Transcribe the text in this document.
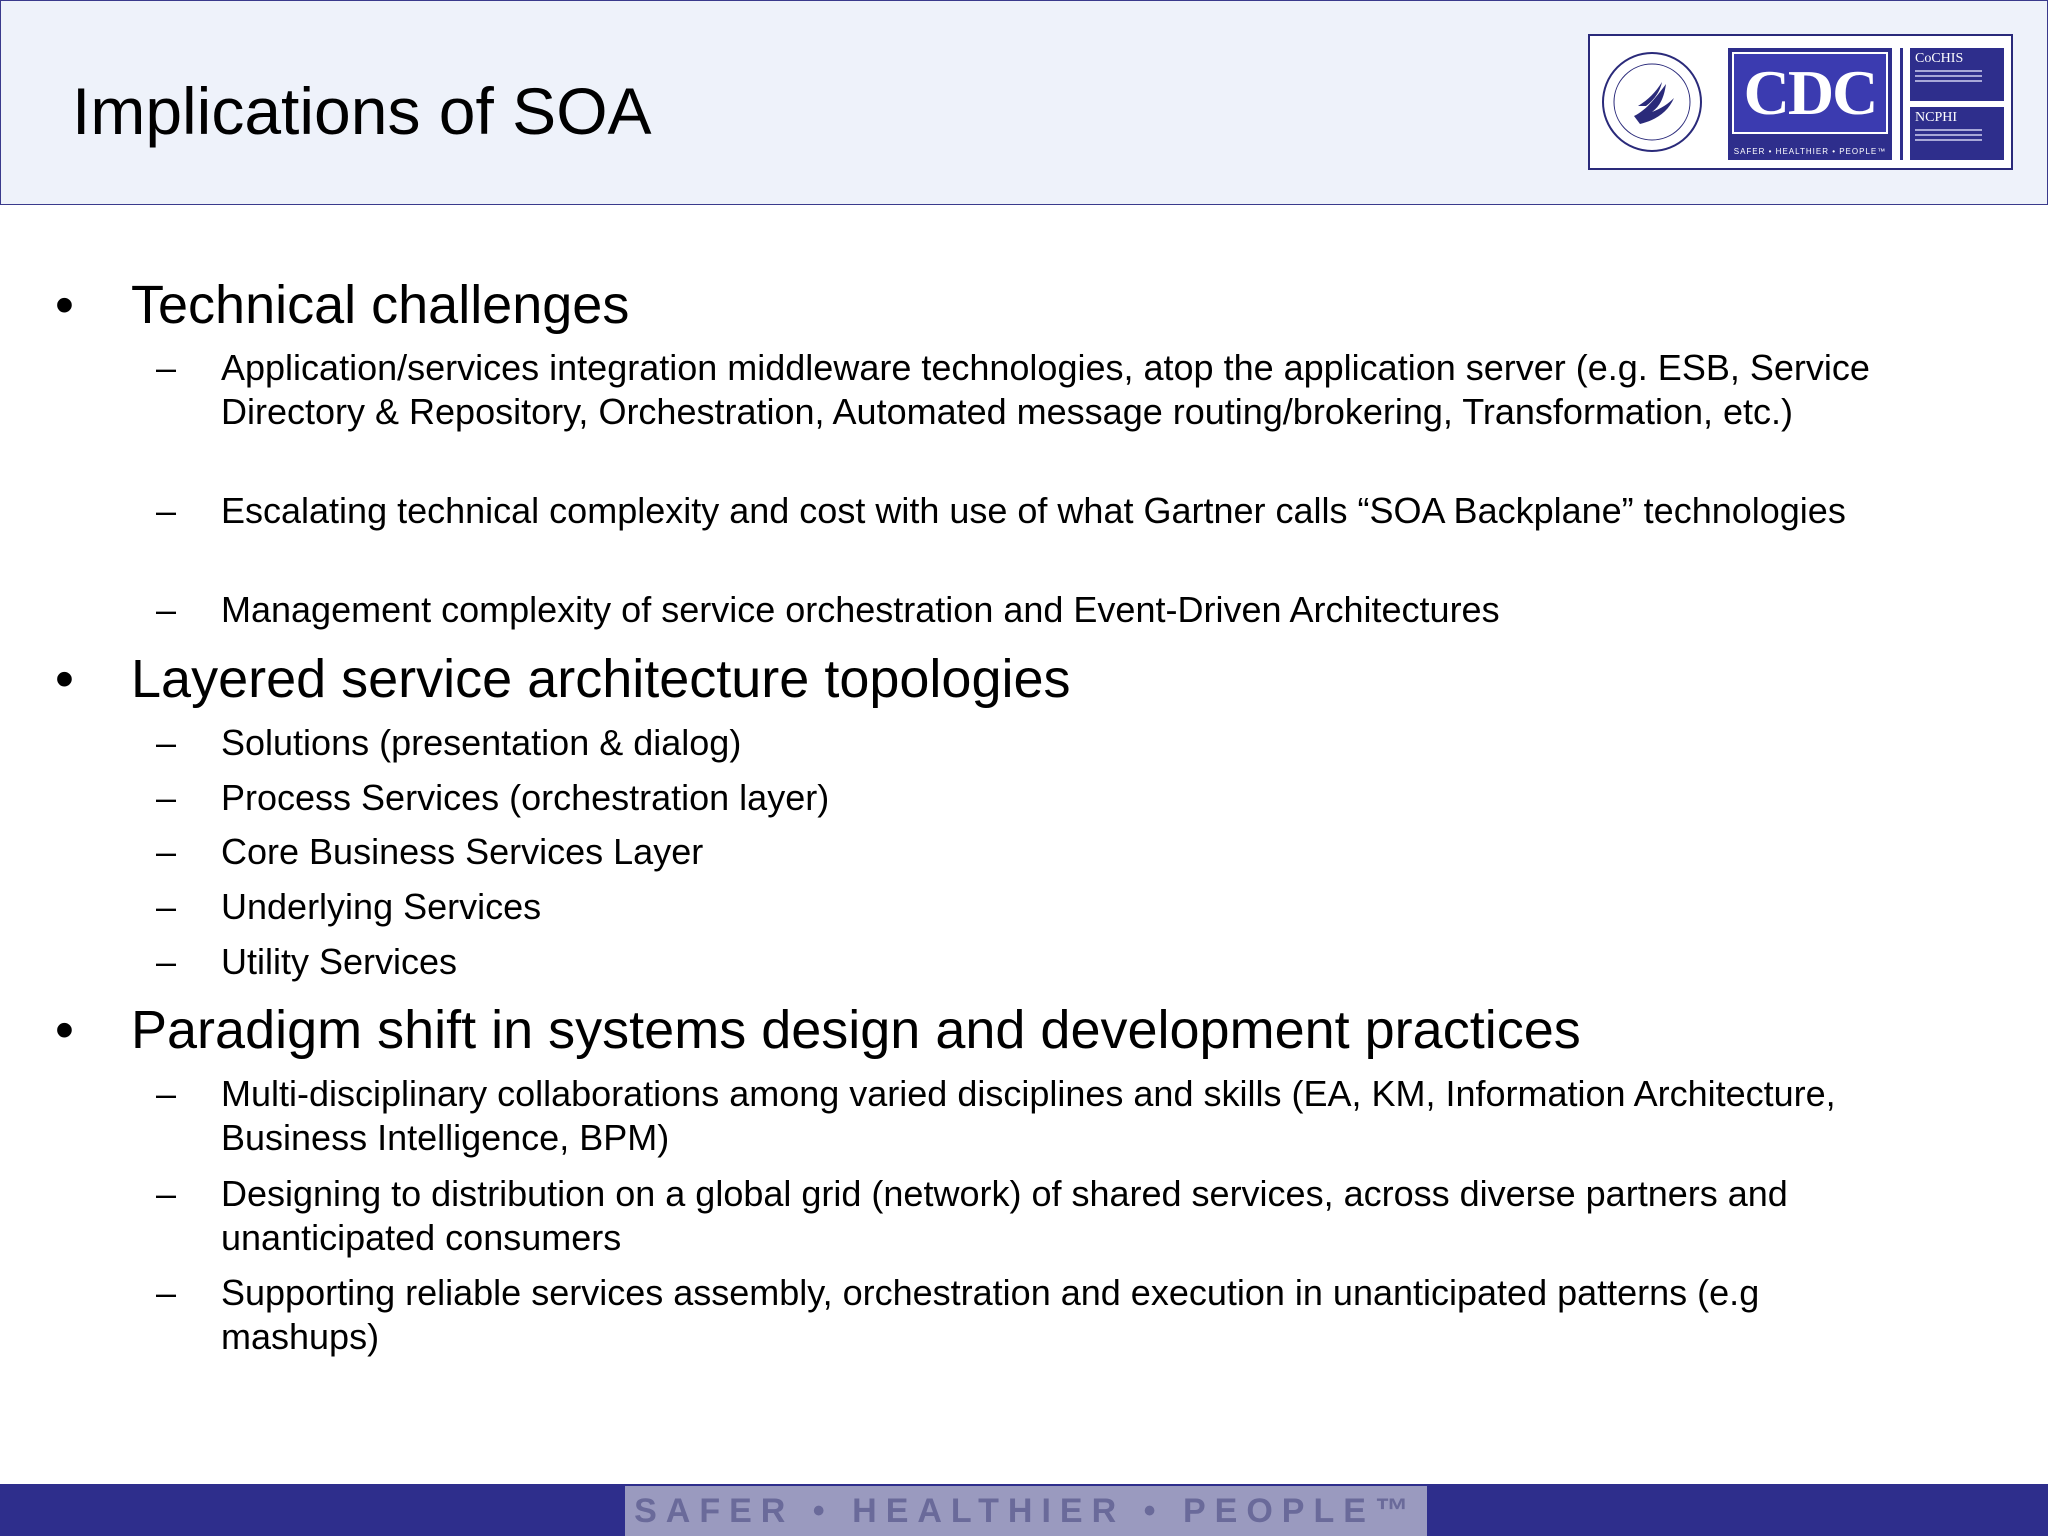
Implications of SOA	CDC
SAFER • HEALTHIER • PEOPLE™
CoCHIS
NCPHI
• Technical challenges
– Application/services integration middleware technologies, atop the application server (e.g. ESB, Service Directory & Repository, Orchestration, Automated message routing/brokering, Transformation, etc.)
– Escalating technical complexity and cost with use of what Gartner calls “SOA Backplane” technologies
– Management complexity of service orchestration and Event-Driven Architectures
• Layered service architecture topologies
– Solutions (presentation & dialog)
– Process Services (orchestration layer)
– Core Business Services Layer
– Underlying Services
– Utility Services
• Paradigm shift in systems design and development practices
– Multi-disciplinary collaborations among varied disciplines and skills (EA, KM, Information Architecture, Business Intelligence, BPM)
– Designing to distribution on a global grid (network) of shared services, across diverse partners and unanticipated consumers
– Supporting reliable services assembly, orchestration and execution in unanticipated patterns (e.g mashups)
SAFER • HEALTHIER • PEOPLE™
